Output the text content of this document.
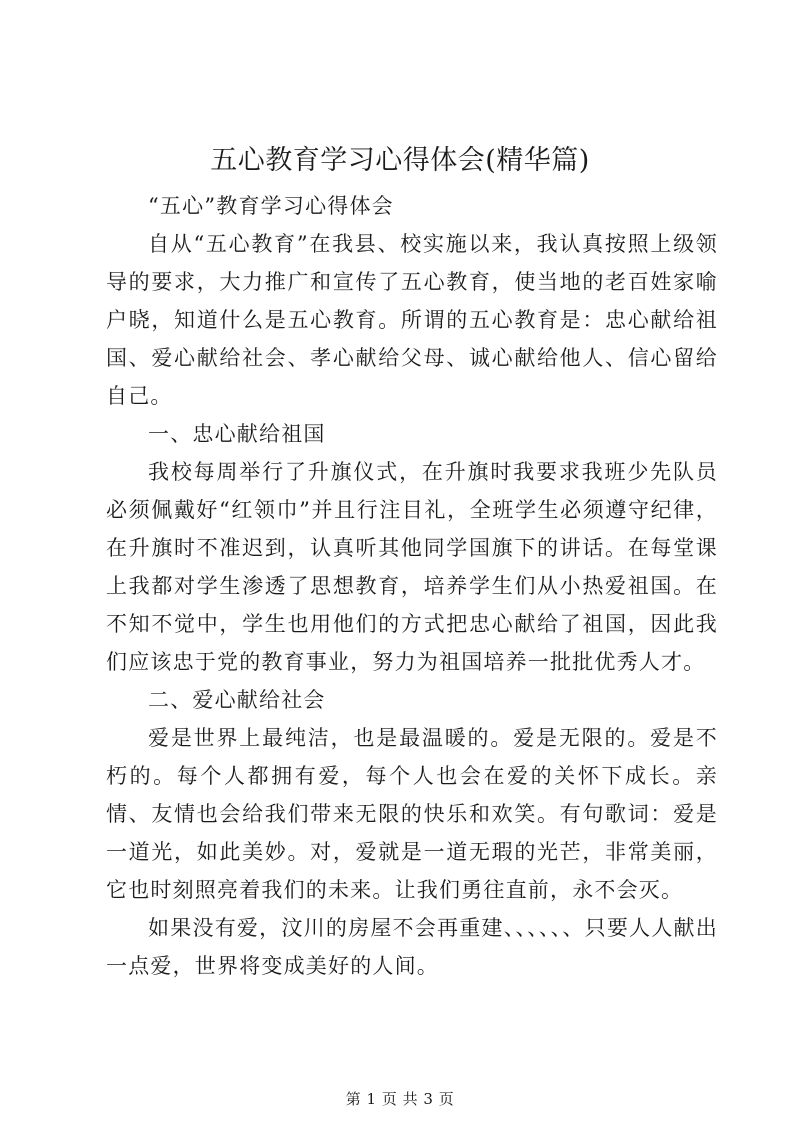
五心教育学习心得体会(精华篇)

“五心”教育学习心得体会

自从“五心教育”在我县、校实施以来，我认真按照上级领导的要求，大力推广和宣传了五心教育，使当地的老百姓家喻户晓，知道什么是五心教育。所谓的五心教育是：忠心献给祖国、爱心献给社会、孝心献给父母、诚心献给他人、信心留给自己。

一、忠心献给祖国

我校每周举行了升旗仪式，在升旗时我要求我班少先队员必须佩戴好“红领巾”并且行注目礼，全班学生必须遵守纪律，在升旗时不准迟到，认真听其他同学国旗下的讲话。在每堂课上我都对学生渗透了思想教育，培养学生们从小热爱祖国。在不知不觉中，学生也用他们的方式把忠心献给了祖国，因此我们应该忠于党的教育事业，努力为祖国培养一批批优秀人才。

二、爱心献给社会

爱是世界上最纯洁，也是最温暖的。爱是无限的。爱是不朽的。每个人都拥有爱，每个人也会在爱的关怀下成长。亲情、友情也会给我们带来无限的快乐和欢笑。有句歌词：爱是一道光，如此美妙。对，爱就是一道无瑕的光芒，非常美丽，它也时刻照亮着我们的未来。让我们勇往直前，永不会灭。

如果没有爱，汶川的房屋不会再重建、、、、、、只要人人献出一点爱，世界将变成美好的人间。

第 1 页 共 3 页
